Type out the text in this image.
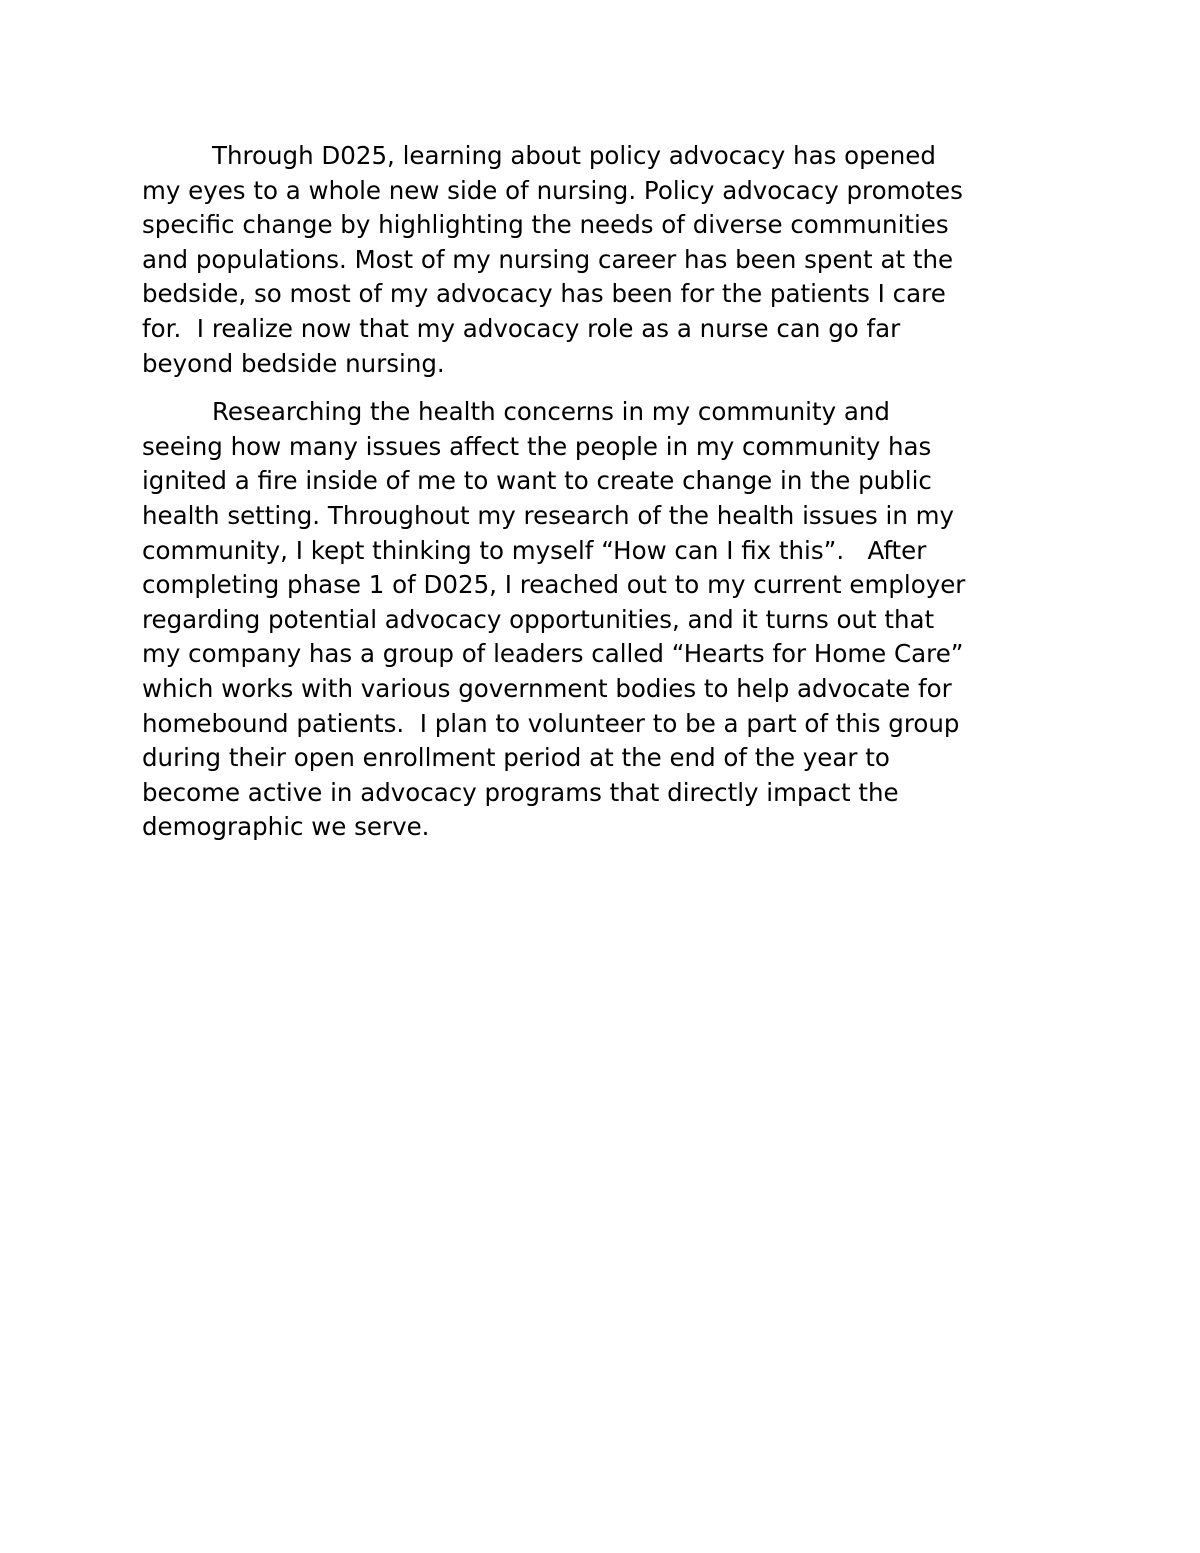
Through D025, learning about policy advocacy has opened
my eyes to a whole new side of nursing. Policy advocacy promotes
specific change by highlighting the needs of diverse communities
and populations. Most of my nursing career has been spent at the
bedside, so most of my advocacy has been for the patients I care
for.  I realize now that my advocacy role as a nurse can go far
beyond bedside nursing.

Researching the health concerns in my community and
seeing how many issues affect the people in my community has
ignited a fire inside of me to want to create change in the public
health setting. Throughout my research of the health issues in my
community, I kept thinking to myself “How can I fix this”.   After
completing phase 1 of D025, I reached out to my current employer
regarding potential advocacy opportunities, and it turns out that
my company has a group of leaders called “Hearts for Home Care”
which works with various government bodies to help advocate for
homebound patients.  I plan to volunteer to be a part of this group
during their open enrollment period at the end of the year to
become active in advocacy programs that directly impact the
demographic we serve.
